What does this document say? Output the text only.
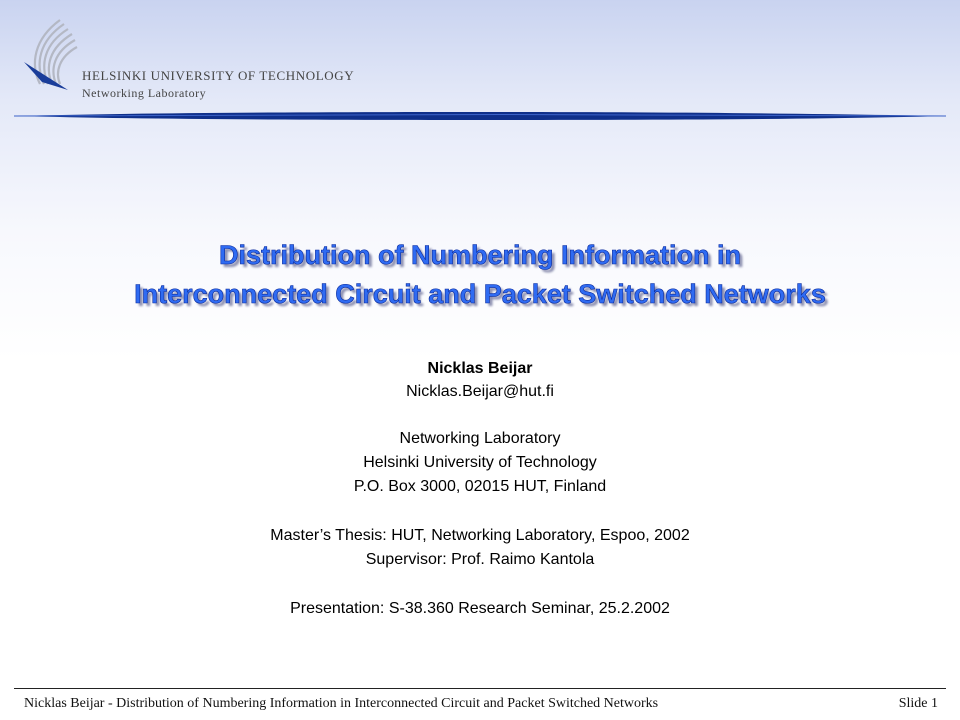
HELSINKI UNIVERSITY OF TECHNOLOGY
Networking Laboratory
Distribution of Numbering Information in
Interconnected Circuit and Packet Switched Networks

Nicklas Beijar

Nicklas.Beijar@hut.fi

Networking Laboratory

Helsinki University of Technology

P.O. Box 3000, 02015 HUT, Finland

Master’s Thesis: HUT, Networking Laboratory, Espoo, 2002

Supervisor: Prof. Raimo Kantola

Presentation: S-38.360 Research Seminar, 25.2.2002

Nicklas Beijar - Distribution of Numbering Information in Interconnected Circuit and Packet Switched Networks	Slide 1
